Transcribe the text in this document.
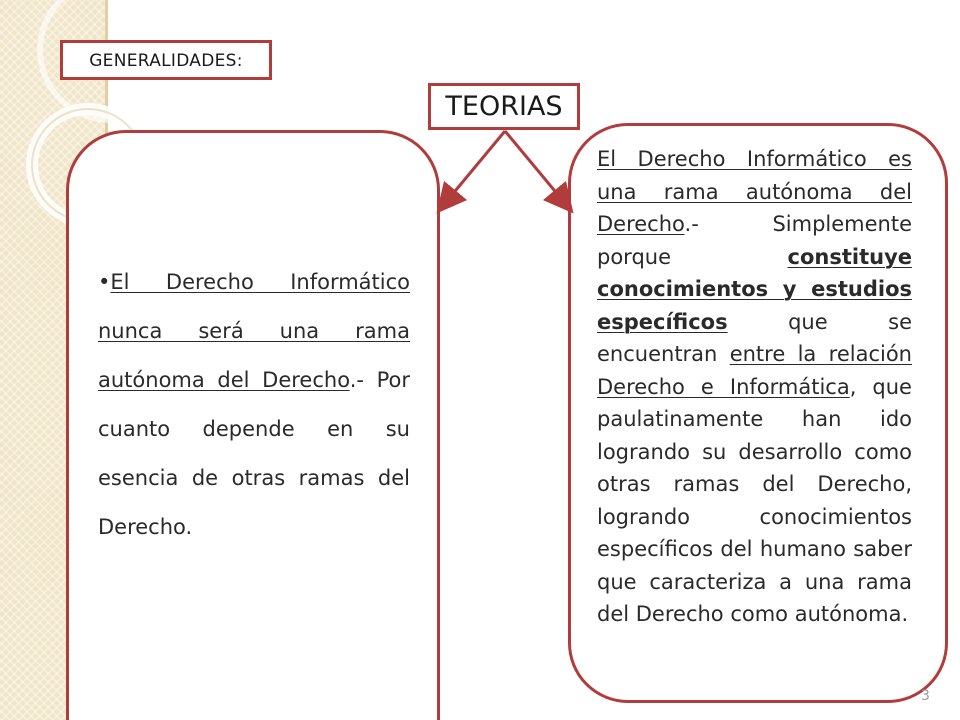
GENERALIDADES:
TEORIAS
•El Derecho Informático nunca será una rama autónoma del Derecho.- Por cuanto depende en su esencia de otras ramas del Derecho.
El Derecho Informático es una rama autónoma del Derecho.- Simplemente porque constituye conocimientos y estudios específicos que se encuentran entre la relación Derecho e Informática, que paulatinamente han ido logrando su desarrollo como otras ramas del Derecho, logrando conocimientos específicos del humano saber que caracteriza a una rama del Derecho como autónoma.
3
